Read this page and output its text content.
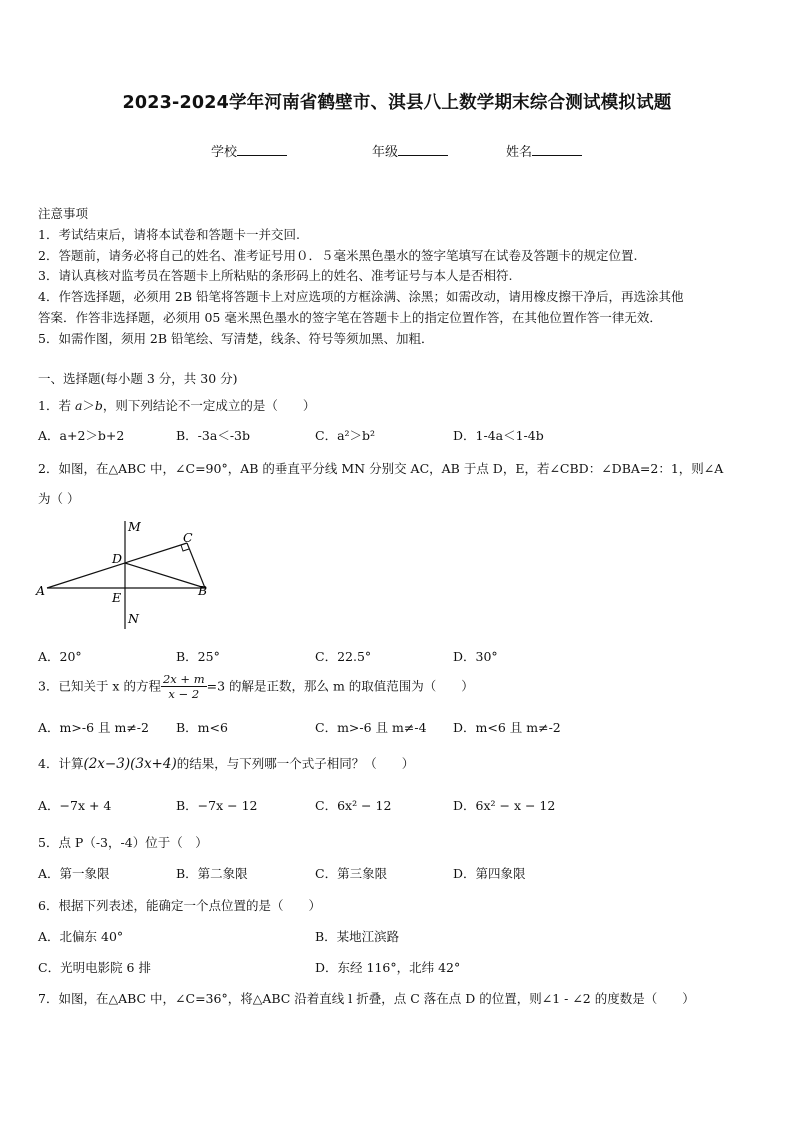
2023-2024学年河南省鹤壁市、淇县八上数学期末综合测试模拟试题
学校	年级	姓名
注意事项
1．考试结束后，请将本试卷和答题卡一并交回.
2．答题前，请务必将自己的姓名、准考证号用０．５毫米黑色墨水的签字笔填写在试卷及答题卡的规定位置.
3．请认真核对监考员在答题卡上所粘贴的条形码上的姓名、准考证号与本人是否相符.
4．作答选择题，必须用 2B 铅笔将答题卡上对应选项的方框涂满、涂黑；如需改动，请用橡皮擦干净后，再选涂其他
答案．作答非选择题，必须用 05 毫米黑色墨水的签字笔在答题卡上的指定位置作答，在其他位置作答一律无效．
5．如需作图，须用 2B 铅笔绘、写清楚，线条、符号等须加黑、加粗．
一、选择题(每小题 3 分，共 30 分)
1．若 a＞b，则下列结论不一定成立的是（　　）
A．a+2＞b+2	B．-3a＜-3b	C．a²＞b²	D．1-4a＜1-4b
2．如图，在△ABC 中，∠C=90°，AB 的垂直平分线 MN 分别交 AC，AB 于点 D，E，若∠CBD：∠DBA=2：1，则∠A
为（ ）
M
C
D
A	E	B
N
A．20°	B．25°	C．22.5°	D．30°
3．已知关于 x 的方程 $\frac{2x + m}{x - 2} =3$ 的解是正数，那么 m 的取值范围为（　　）
A．m>-6 且 m≠-2 B．m<6	C．m>-6 且 m≠-4 D．m<6 且 m≠-2
4．计算(2x−3)(3x+4)的结果，与下列哪一个式子相同？（　　）
A．−7x + 4	B．−7x − 12	C．6x² − 12	D．6x² − x − 12
5．点 P（-3，-4）位于（　）
A．第一象限	B．第二象限	C．第三象限	D．第四象限
6．根据下列表述，能确定一个点位置的是（　　）
A．北偏东 40°	B．某地江滨路
C．光明电影院 6 排	D．东经 116°，北纬 42°
7．如图，在△ABC 中，∠C=36°，将△ABC 沿着直线 l 折叠，点 C 落在点 D 的位置，则∠1 - ∠2 的度数是（　　）
